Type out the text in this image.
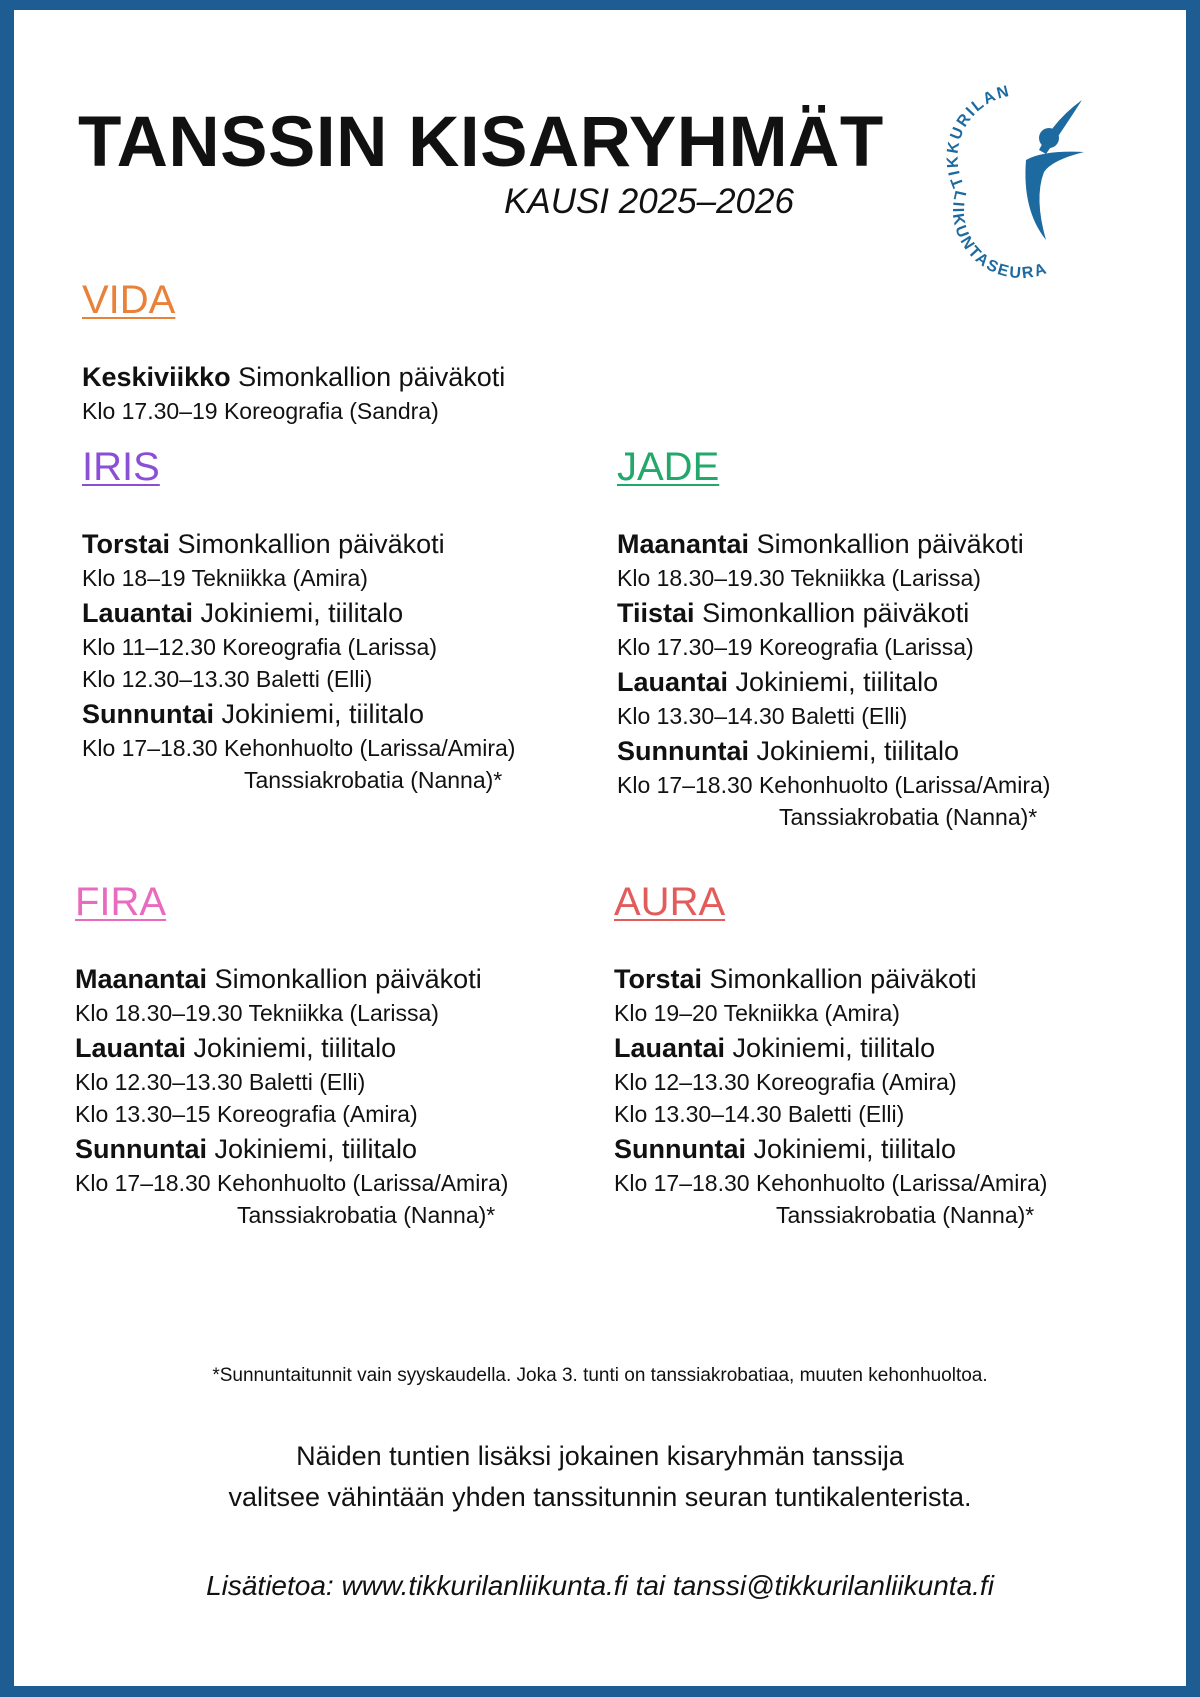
TANSSIN KISARYHMÄT
KAUSI 2025–2026
TIKKURILAN
LIIKUNTASEURA
VIDA
Keskiviikko Simonkallion päiväkoti
Klo 17.30–19 Koreografia (Sandra)
IRIS
Torstai Simonkallion päiväkoti
Klo 18–19 Tekniikka (Amira)
Lauantai Jokiniemi, tiilitalo
Klo 11–12.30 Koreografia (Larissa)
Klo 12.30–13.30 Baletti (Elli)
Sunnuntai Jokiniemi, tiilitalo
Klo 17–18.30 Kehonhuolto (Larissa/Amira)
Tanssiakrobatia (Nanna)*
JADE
Maanantai Simonkallion päiväkoti
Klo 18.30–19.30 Tekniikka (Larissa)
Tiistai Simonkallion päiväkoti
Klo 17.30–19 Koreografia (Larissa)
Lauantai Jokiniemi, tiilitalo
Klo 13.30–14.30 Baletti (Elli)
Sunnuntai Jokiniemi, tiilitalo
Klo 17–18.30 Kehonhuolto (Larissa/Amira)
Tanssiakrobatia (Nanna)*
FIRA
Maanantai Simonkallion päiväkoti
Klo 18.30–19.30 Tekniikka (Larissa)
Lauantai Jokiniemi, tiilitalo
Klo 12.30–13.30 Baletti (Elli)
Klo 13.30–15 Koreografia (Amira)
Sunnuntai Jokiniemi, tiilitalo
Klo 17–18.30 Kehonhuolto (Larissa/Amira)
Tanssiakrobatia (Nanna)*
AURA
Torstai Simonkallion päiväkoti
Klo 19–20 Tekniikka (Amira)
Lauantai Jokiniemi, tiilitalo
Klo 12–13.30 Koreografia (Amira)
Klo 13.30–14.30 Baletti (Elli)
Sunnuntai Jokiniemi, tiilitalo
Klo 17–18.30 Kehonhuolto (Larissa/Amira)
Tanssiakrobatia (Nanna)*
*Sunnuntaitunnit vain syyskaudella. Joka 3. tunti on tanssiakrobatiaa, muuten kehonhuoltoa.
Näiden tuntien lisäksi jokainen kisaryhmän tanssija
valitsee vähintään yhden tanssitunnin seuran tuntikalenterista.
Lisätietoa: www.tikkurilanliikunta.fi tai tanssi@tikkurilanliikunta.fi
